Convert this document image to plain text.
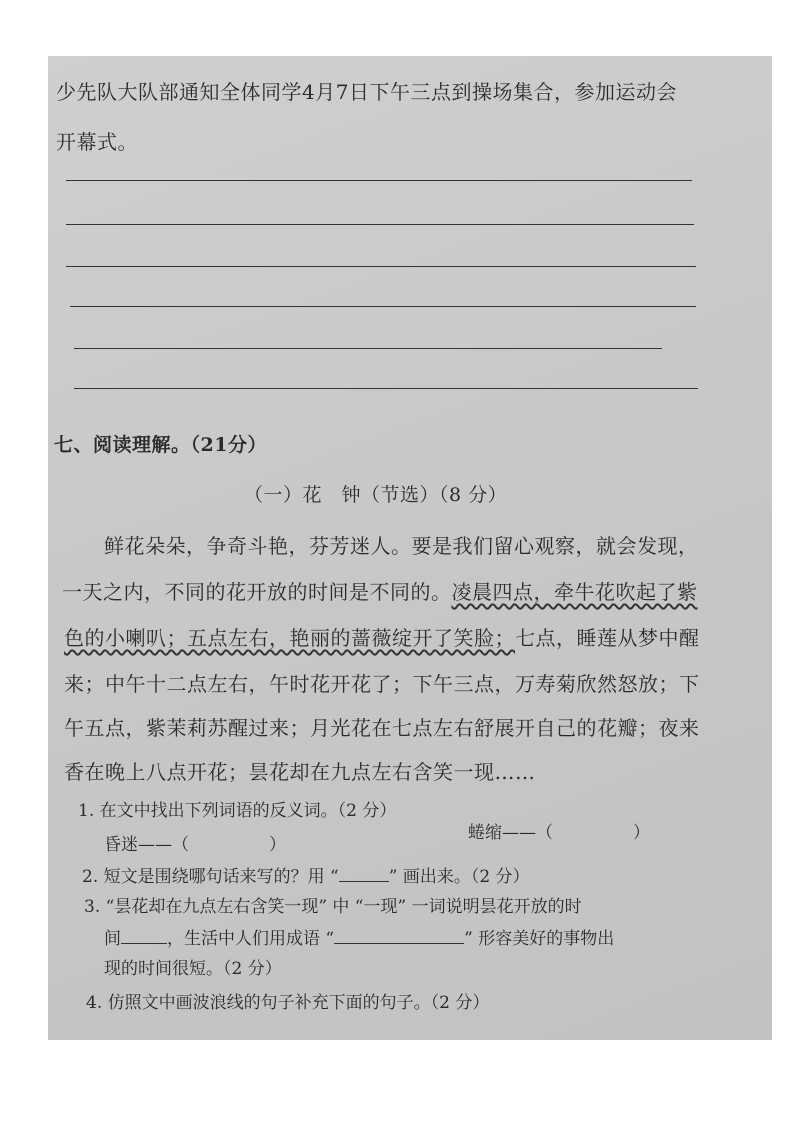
少先队大队部通知全体同学4月7日下午三点到操场集合，参加运动会
开幕式。
七、阅读理解。（21分）
（一）花　钟（节选）（8 分）
鲜花朵朵，争奇斗艳，芬芳迷人。要是我们留心观察，就会发现，
一天之内，不同的花开放的时间是不同的。凌晨四点，牵牛花吹起了紫
色的小喇叭；五点左右，艳丽的蔷薇绽开了笑脸；七点，睡莲从梦中醒
来；中午十二点左右，午时花开花了；下午三点，万寿菊欣然怒放；下
午五点，紫茉莉苏醒过来；月光花在七点左右舒展开自己的花瓣；夜来
香在晚上八点开花；昙花却在九点左右含笑一现……
1. 在文中找出下列词语的反义词。（2 分）
昏迷——（	）
蜷缩——（	）
2. 短文是围绕哪句话来写的？用 “	” 画出来。（2 分）
3. “昙花却在九点左右含笑一现” 中 “一现” 一词说明昙花开放的时
间	，生活中人们用成语 “	” 形容美好的事物出
现的时间很短。（2 分）
4. 仿照文中画波浪线的句子补充下面的句子。（2 分）
